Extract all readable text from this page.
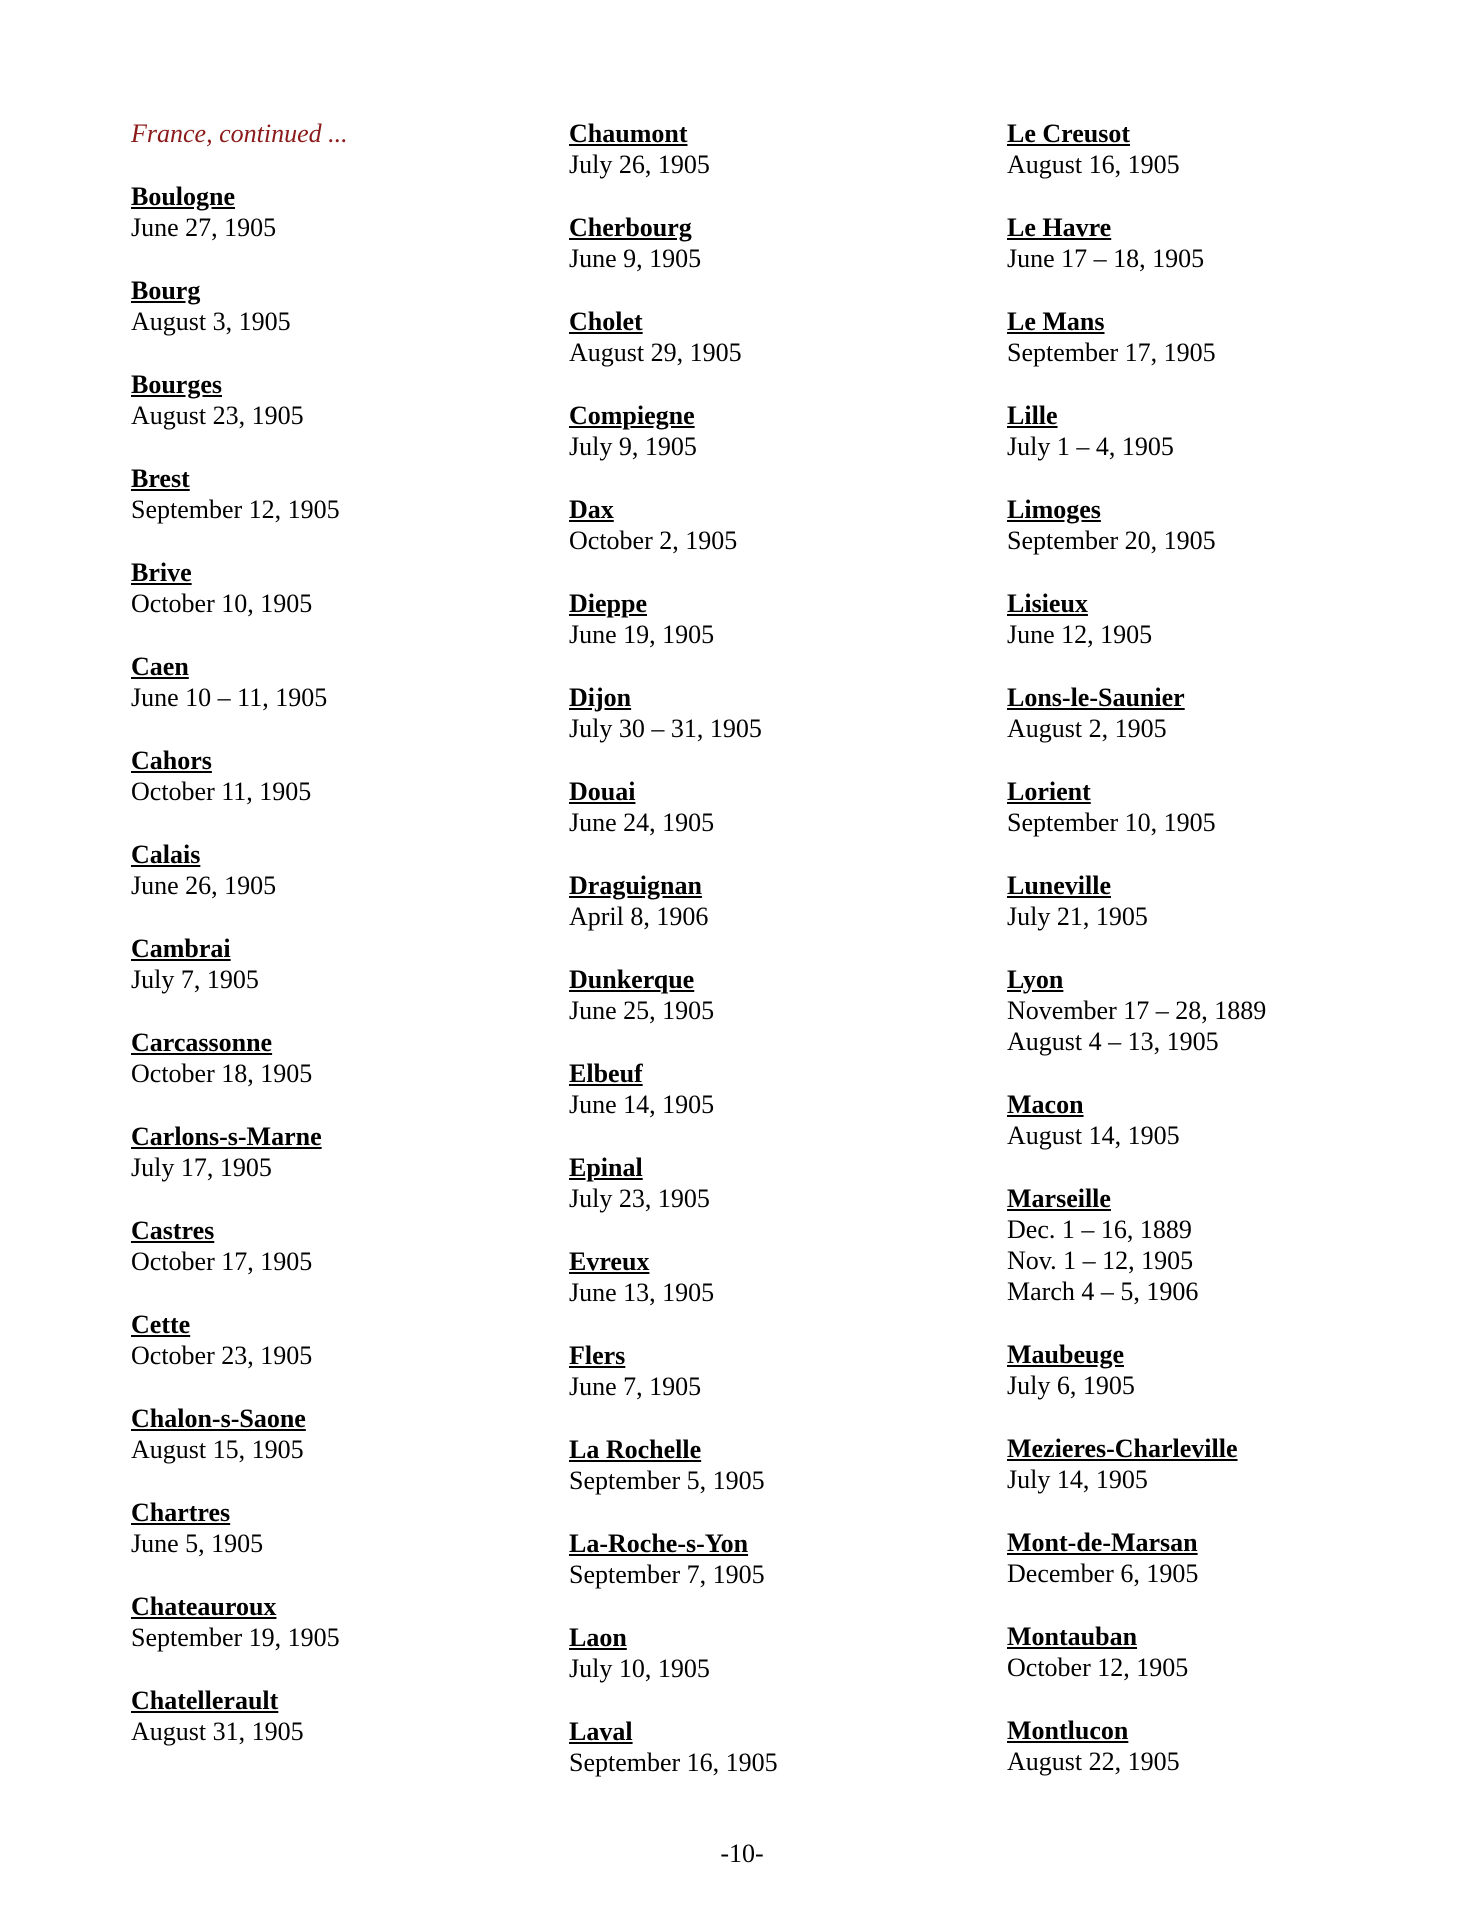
France, continued ...
Boulogne
June 27, 1905
Bourg
August 3, 1905
Bourges
August 23, 1905
Brest
September 12, 1905
Brive
October 10, 1905
Caen
June 10 – 11, 1905
Cahors
October 11, 1905
Calais
June 26, 1905
Cambrai
July 7, 1905
Carcassonne
October 18, 1905
Carlons-s-Marne
July 17, 1905
Castres
October 17, 1905
Cette
October 23, 1905
Chalon-s-Saone
August 15, 1905
Chartres
June 5, 1905
Chateauroux
September 19, 1905
Chatellerault
August 31, 1905
Chaumont
July 26, 1905
Cherbourg
June 9, 1905
Cholet
August 29, 1905
Compiegne
July 9, 1905
Dax
October 2, 1905
Dieppe
June 19, 1905
Dijon
July 30 – 31, 1905
Douai
June 24, 1905
Draguignan
April 8, 1906
Dunkerque
June 25, 1905
Elbeuf
June 14, 1905
Epinal
July 23, 1905
Evreux
June 13, 1905
Flers
June 7, 1905
La Rochelle
September 5, 1905
La-Roche-s-Yon
September 7, 1905
Laon
July 10, 1905
Laval
September 16, 1905
Le Creusot
August 16, 1905
Le Havre
June 17 – 18, 1905
Le Mans
September 17, 1905
Lille
July 1 – 4, 1905
Limoges
September 20, 1905
Lisieux
June 12, 1905
Lons-le-Saunier
August 2, 1905
Lorient
September 10, 1905
Luneville
July 21, 1905
Lyon
November 17 – 28, 1889
August 4 – 13, 1905
Macon
August 14, 1905
Marseille
Dec. 1 – 16, 1889
Nov. 1 – 12, 1905
March 4 – 5, 1906
Maubeuge
July 6, 1905
Mezieres-Charleville
July 14, 1905
Mont-de-Marsan
December 6, 1905
Montauban
October 12, 1905
Montlucon
August 22, 1905
-10-
